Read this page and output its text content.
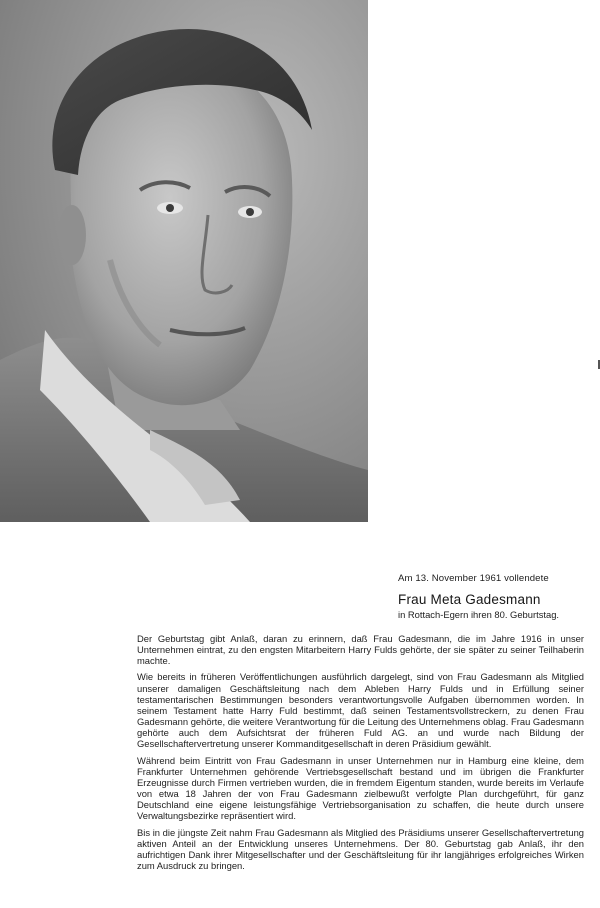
Am 13. November 1961 vollendete
Frau Meta Gadesmann
in Rottach-Egern ihren 80. Geburtstag.

Der Geburtstag gibt Anlaß, daran zu erinnern, daß Frau Gadesmann, die im Jahre 1916 in unser Unternehmen eintrat, zu den engsten Mitarbeitern Harry Fulds gehörte, der sie später zu seiner Teilhaberin machte.

Wie bereits in früheren Veröffentlichungen ausführlich dargelegt, sind von Frau Gadesmann als Mitglied unserer damaligen Geschäftsleitung nach dem Ableben Harry Fulds und in Erfüllung seiner testamentarischen Bestimmungen besonders verantwortungsvolle Aufgaben übernommen worden. In seinem Testament hatte Harry Fuld bestimmt, daß seinen Testamentsvollstreckern, zu denen Frau Gadesmann gehörte, die weitere Verantwortung für die Leitung des Unternehmens oblag. Frau Gadesmann gehörte auch dem Aufsichtsrat der früheren Fuld AG. an und wurde nach Bildung der Gesellschaftervertretung unserer Kommanditgesellschaft in deren Präsidium gewählt.

Während beim Eintritt von Frau Gadesmann in unser Unternehmen nur in Hamburg eine kleine, dem Frankfurter Unternehmen gehörende Vertriebsgesellschaft bestand und im übrigen die Frankfurter Erzeugnisse durch Firmen vertrieben wurden, die in fremdem Eigentum standen, wurde bereits im Verlaufe von etwa 18 Jahren der von Frau Gadesmann zielbewußt verfolgte Plan durchgeführt, für ganz Deutschland eine eigene leistungsfähige Vertriebsorganisation zu schaffen, die heute durch unsere Verwaltungsbezirke repräsentiert wird.

Bis in die jüngste Zeit nahm Frau Gadesmann als Mitglied des Präsidiums unserer Gesellschaftervertretung aktiven Anteil an der Entwicklung unseres Unternehmens. Der 80. Geburtstag gab Anlaß, ihr den aufrichtigen Dank ihrer Mitgesellschafter und der Geschäftsleitung für ihr langjähriges erfolgreiches Wirken zum Ausdruck zu bringen.
